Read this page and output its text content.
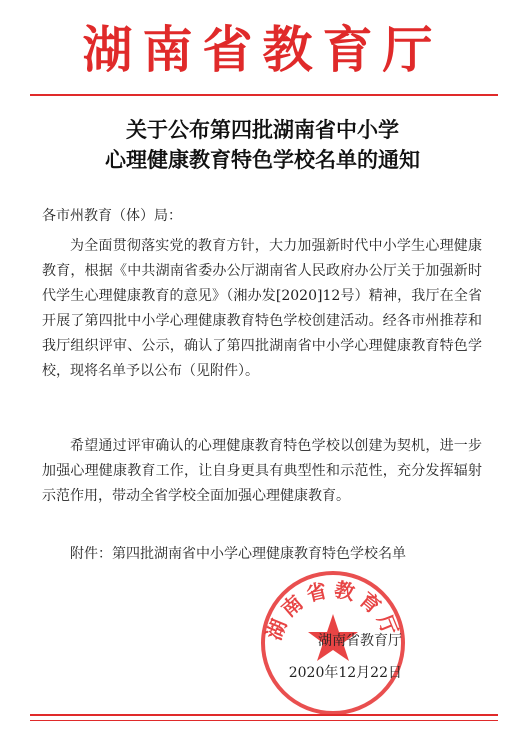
湖南省教育厅
关于公布第四批湖南省中小学
心理健康教育特色学校名单的通知

各市州教育（体）局：

为全面贯彻落实党的教育方针，大力加强新时代中小学生心理健康教育，根据《中共湖南省委办公厅湖南省人民政府办公厅关于加强新时代学生心理健康教育的意见》（湘办发[2020]12号）精神，我厅在全省开展了第四批中小学心理健康教育特色学校创建活动。经各市州推荐和我厅组织评审、公示，确认了第四批湖南省中小学心理健康教育特色学校，现将名单予以公布（见附件）。

希望通过评审确认的心理健康教育特色学校以创建为契机，进一步加强心理健康教育工作，让自身更具有典型性和示范性，充分发挥辐射示范作用，带动全省学校全面加强心理健康教育。

附件：第四批湖南省中小学心理健康教育特色学校名单

湖南省教育厅
湖南省教育厅
2020年12月22日
